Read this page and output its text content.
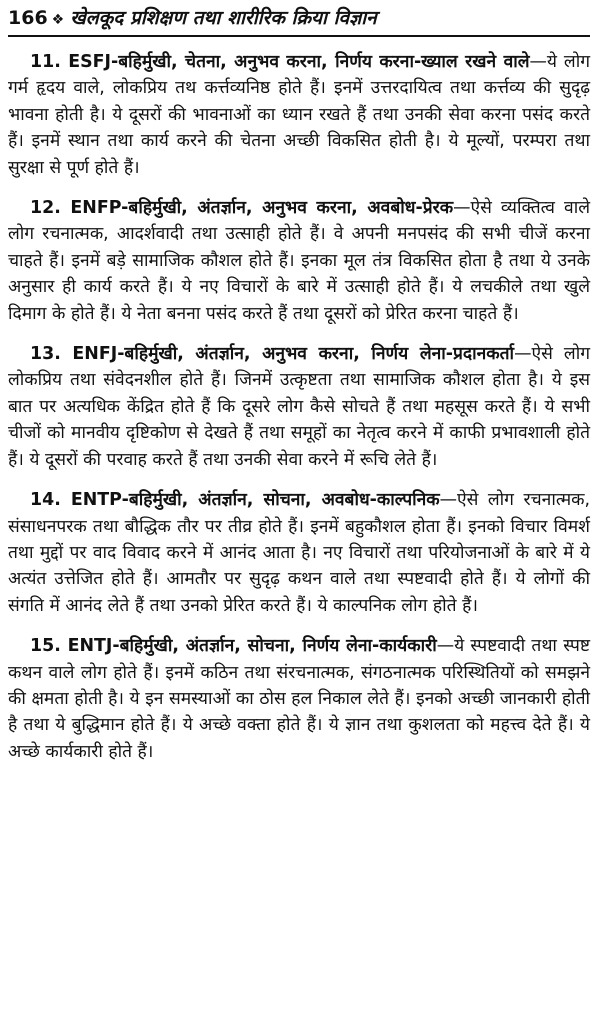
166 ❖ खेलकूद प्रशिक्षण तथा शारीरिक क्रिया विज्ञान

11. ESFJ-बहिर्मुखी, चेतना, अनुभव करना, निर्णय करना-ख्याल रखने वाले—ये लोग गर्म हृदय वाले, लोकप्रिय तथ कर्त्तव्यनिष्ठ होते हैं। इनमें उत्तरदायित्व तथा कर्त्तव्य की सुदृढ़ भावना होती है। ये दूसरों की भावनाओं का ध्यान रखते हैं तथा उनकी सेवा करना पसंद करते हैं। इनमें स्थान तथा कार्य करने की चेतना अच्छी विकसित होती है। ये मूल्यों, परम्परा तथा सुरक्षा से पूर्ण होते हैं।

12. ENFP-बहिर्मुखी, अंतर्ज्ञान, अनुभव करना, अवबोध-प्रेरक—ऐसे व्यक्तित्व वाले लोग रचनात्मक, आदर्शवादी तथा उत्साही होते हैं। वे अपनी मनपसंद की सभी चीजें करना चाहते हैं। इनमें बड़े सामाजिक कौशल होते हैं। इनका मूल तंत्र विकसित होता है तथा ये उनके अनुसार ही कार्य करते हैं। ये नए विचारों के बारे में उत्साही होते हैं। ये लचकीले तथा खुले दिमाग के होते हैं। ये नेता बनना पसंद करते हैं तथा दूसरों को प्रेरित करना चाहते हैं।

13. ENFJ-बहिर्मुखी, अंतर्ज्ञान, अनुभव करना, निर्णय लेना-प्रदानकर्ता—ऐसे लोग लोकप्रिय तथा संवेदनशील होते हैं। जिनमें उत्कृष्टता तथा सामाजिक कौशल होता है। ये इस बात पर अत्यधिक केंद्रित होते हैं कि दूसरे लोग कैसे सोचते हैं तथा महसूस करते हैं। ये सभी चीजों को मानवीय दृष्टिकोण से देखते हैं तथा समूहों का नेतृत्व करने में काफी प्रभावशाली होते हैं। ये दूसरों की परवाह करते हैं तथा उनकी सेवा करने में रूचि लेते हैं।

14. ENTP-बहिर्मुखी, अंतर्ज्ञान, सोचना, अवबोध-काल्पनिक—ऐसे लोग रचनात्मक, संसाधनपरक तथा बौद्धिक तौर पर तीव्र होते हैं। इनमें बहुकौशल होता हैं। इनको विचार विमर्श तथा मुद्दों पर वाद विवाद करने में आनंद आता है। नए विचारों तथा परियोजनाओं के बारे में ये अत्यंत उत्तेजित होते हैं। आमतौर पर सुदृढ़ कथन वाले तथा स्पष्टवादी होते हैं। ये लोगों की संगति में आनंद लेते हैं तथा उनको प्रेरित करते हैं। ये काल्पनिक लोग होते हैं।

15. ENTJ-बहिर्मुखी, अंतर्ज्ञान, सोचना, निर्णय लेना-कार्यकारी—ये स्पष्टवादी तथा स्पष्ट कथन वाले लोग होते हैं। इनमें कठिन तथा संरचनात्मक, संगठनात्मक परिस्थितियों को समझने की क्षमता होती है। ये इन समस्याओं का ठोस हल निकाल लेते हैं। इनको अच्छी जानकारी होती है तथा ये बुद्धिमान होते हैं। ये अच्छे वक्ता होते हैं। ये ज्ञान तथा कुशलता को महत्त्व देते हैं। ये अच्छे कार्यकारी होते हैं।
